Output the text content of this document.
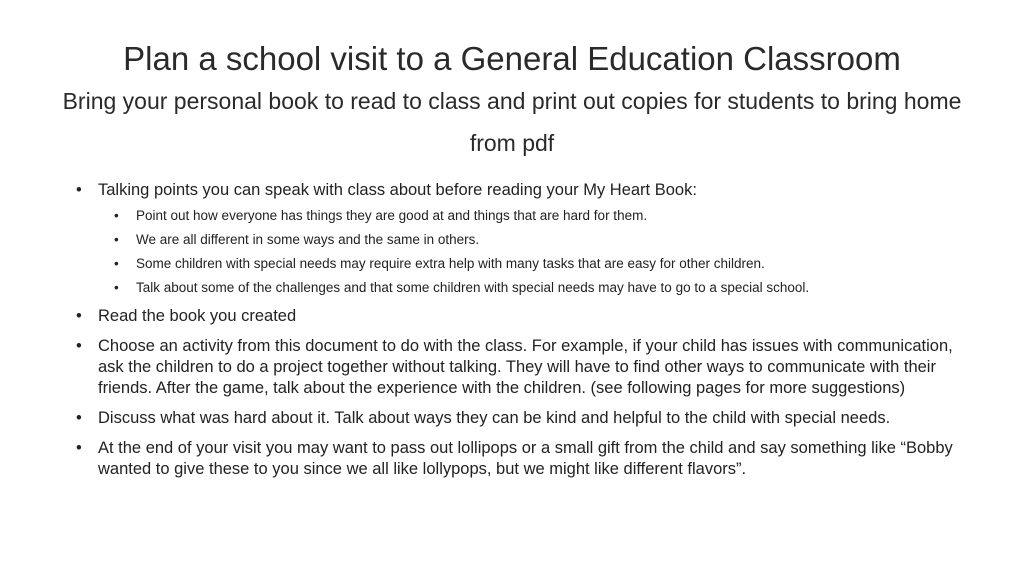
Plan a school visit to a General Education Classroom

Bring your personal book to read to class and print out copies for students to bring home from pdf

• Talking points you can speak with class about before reading your My Heart Book:
• Point out how everyone has things they are good at and things that are hard for them.
• We are all different in some ways and the same in others.
• Some children with special needs may require extra help with many tasks that are easy for other children.
• Talk about some of the challenges and that some children with special needs may have to go to a special school.
• Read the book you created
• Choose an activity from this document to do with the class. For example, if your child has issues with communication, ask the children to do a project together without talking. They will have to find other ways to communicate with their friends. After the game, talk about the experience with the children. (see following pages for more suggestions)
• Discuss what was hard about it. Talk about ways they can be kind and helpful to the child with special needs.
• At the end of your visit you may want to pass out lollipops or a small gift from the child and say something like “Bobby wanted to give these to you since we all like lollypops, but we might like different flavors”.
